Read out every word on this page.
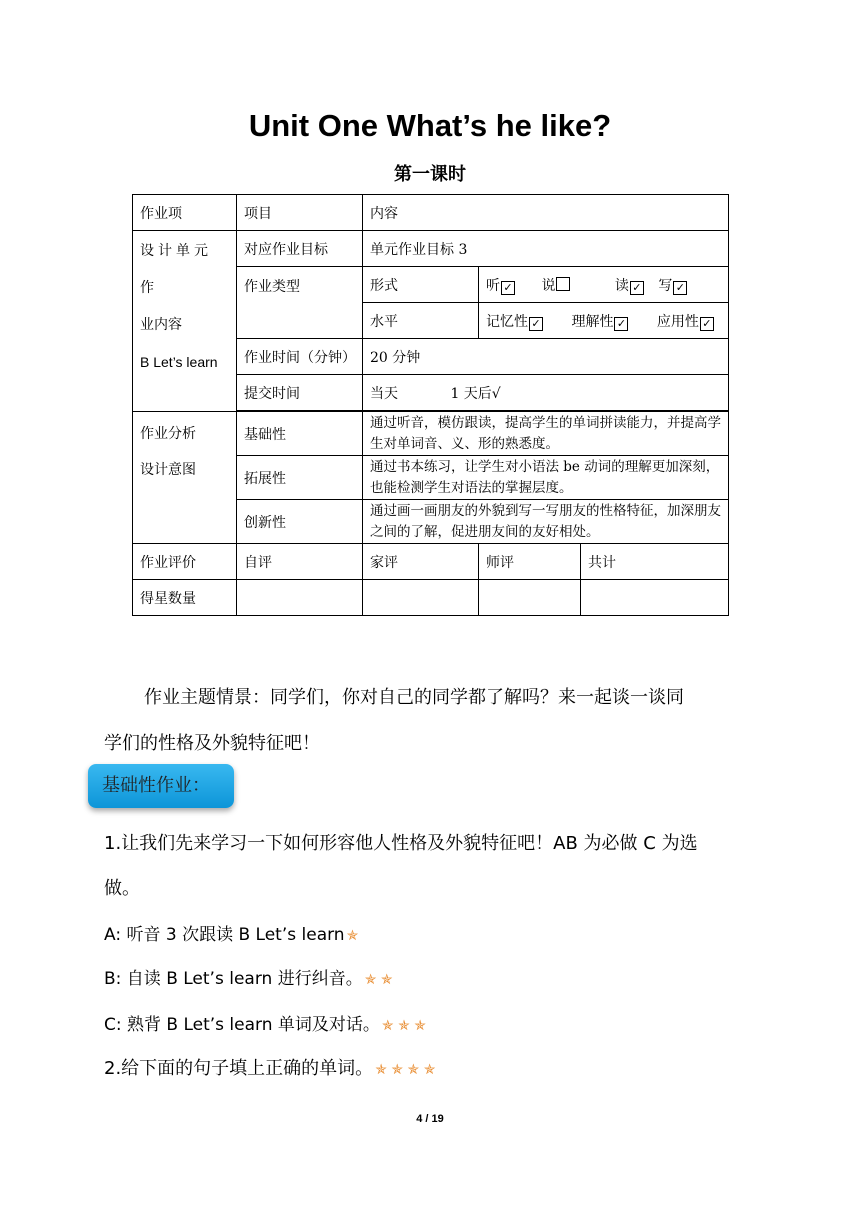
Unit One What’s he like?
第一课时
作业项	项目	内容		

设计单元作
业内容
B Let’s learn	对应作业目标	单元作业目标 3		
	作业类型	形式	听 ✓ 说 读 ✓ 写 ✓	
		水平	记忆性 ✓ 理解性 ✓ 应用性 ✓	
	作业时间（分钟）	20 分钟		
	提交时间	当天 1 天后√		

作业分析
设计意图	基础性	通过听音，模仿跟读，提高学生的单词拼读能力，并提高学生对单词音、义、形的熟悉度。		
	拓展性	通过书本练习，让学生对小语法 be 动词的理解更加深刻，也能检测学生对语法的掌握层度。		
	创新性	通过画一画朋友的外貌到写一写朋友的性格特征，加深朋友之间的了解，促进朋友间的友好相处。		
作业评价	自评	家评	师评	共计
得星数量				
作业主题情景：同学们，你对自己的同学都了解吗？来一起谈一谈同
学们的性格及外貌特征吧！
基础性作业：
1.让我们先来学习一下如何形容他人性格及外貌特征吧！AB 为必做 C 为选
做。
A: 听音 3 次跟读 B Let’s learn ✯
B: 自读 B Let’s learn 进行纠音。 ✯ ✯
C: 熟背 B Let’s learn 单词及对话。 ✯ ✯ ✯
2.给下面的句子填上正确的单词。 ✯ ✯ ✯ ✯
4 / 19
